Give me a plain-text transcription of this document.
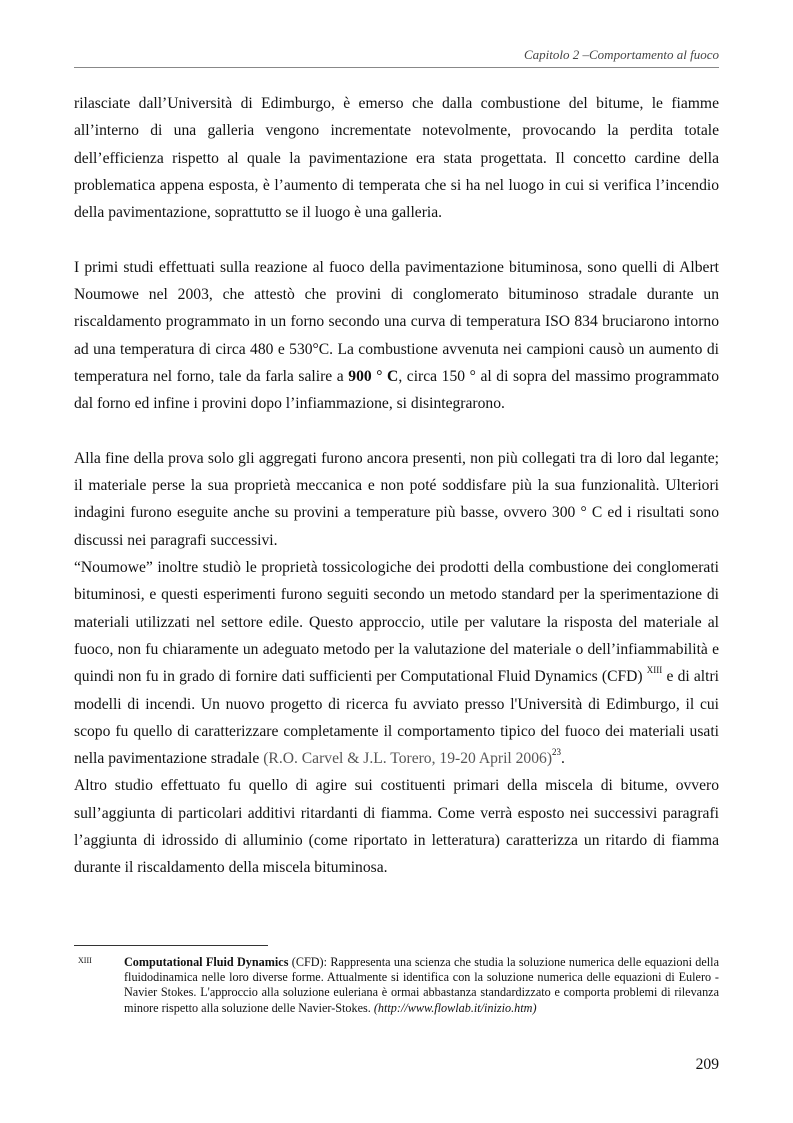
Capitolo 2 –Comportamento al fuoco

rilasciate dall’Università di Edimburgo, è emerso che dalla combustione del bitume, le fiamme all’interno di una galleria vengono incrementate notevolmente, provocando la perdita totale dell’efficienza rispetto al quale la pavimentazione era stata progettata. Il concetto cardine della problematica appena esposta, è l’aumento di temperata che si ha nel luogo in cui si verifica l’incendio della pavimentazione, soprattutto se il luogo è una galleria.

I primi studi effettuati sulla reazione al fuoco della pavimentazione bituminosa, sono quelli di Albert Noumowe nel 2003, che attestò che provini di conglomerato bituminoso stradale durante un riscaldamento programmato in un forno secondo una curva di temperatura ISO 834 bruciarono intorno ad una temperatura di circa 480 e 530°C. La combustione avvenuta nei campioni causò un aumento di temperatura nel forno, tale da farla salire a 900 ° C, circa 150 ° al di sopra del massimo programmato dal forno ed infine i provini dopo l’infiammazione, si disintegrarono.

Alla fine della prova solo gli aggregati furono ancora presenti, non più collegati tra di loro dal legante; il materiale perse la sua proprietà meccanica e non poté soddisfare più la sua funzionalità. Ulteriori indagini furono eseguite anche su provini a temperature più basse, ovvero 300 ° C ed i risultati sono discussi nei paragrafi successivi.

“Noumowe” inoltre studiò le proprietà tossicologiche dei prodotti della combustione dei conglomerati bituminosi, e questi esperimenti furono seguiti secondo un metodo standard per la sperimentazione di materiali utilizzati nel settore edile. Questo approccio, utile per valutare la risposta del materiale al fuoco, non fu chiaramente un adeguato metodo per la valutazione del materiale o dell’infiammabilità e quindi non fu in grado di fornire dati sufficienti per Computational Fluid Dynamics (CFD) $^{XIII}$ e di altri modelli di incendi. Un nuovo progetto di ricerca fu avviato presso l'Università di Edimburgo, il cui scopo fu quello di caratterizzare completamente il comportamento tipico del fuoco dei materiali usati nella pavimentazione stradale (R.O. Carvel & J.L. Torero, 19-20 April 2006)$^{23}$.

Altro studio effettuato fu quello di agire sui costituenti primari della miscela di bitume, ovvero sull’aggiunta di particolari additivi ritardanti di fiamma. Come verrà esposto nei successivi paragrafi l’aggiunta di idrossido di alluminio (come riportato in letteratura) caratterizza un ritardo di fiamma durante il riscaldamento della miscela bituminosa.

XIII	Computational Fluid Dynamics (CFD): Rappresenta una scienza che studia la soluzione numerica delle equazioni della fluidodinamica nelle loro diverse forme. Attualmente si identifica con la soluzione numerica delle equazioni di Eulero - Navier Stokes. L'approccio alla soluzione euleriana è ormai abbastanza standardizzato e comporta problemi di rilevanza minore rispetto alla soluzione delle Navier-Stokes. (http://www.flowlab.it/inizio.htm)
209
